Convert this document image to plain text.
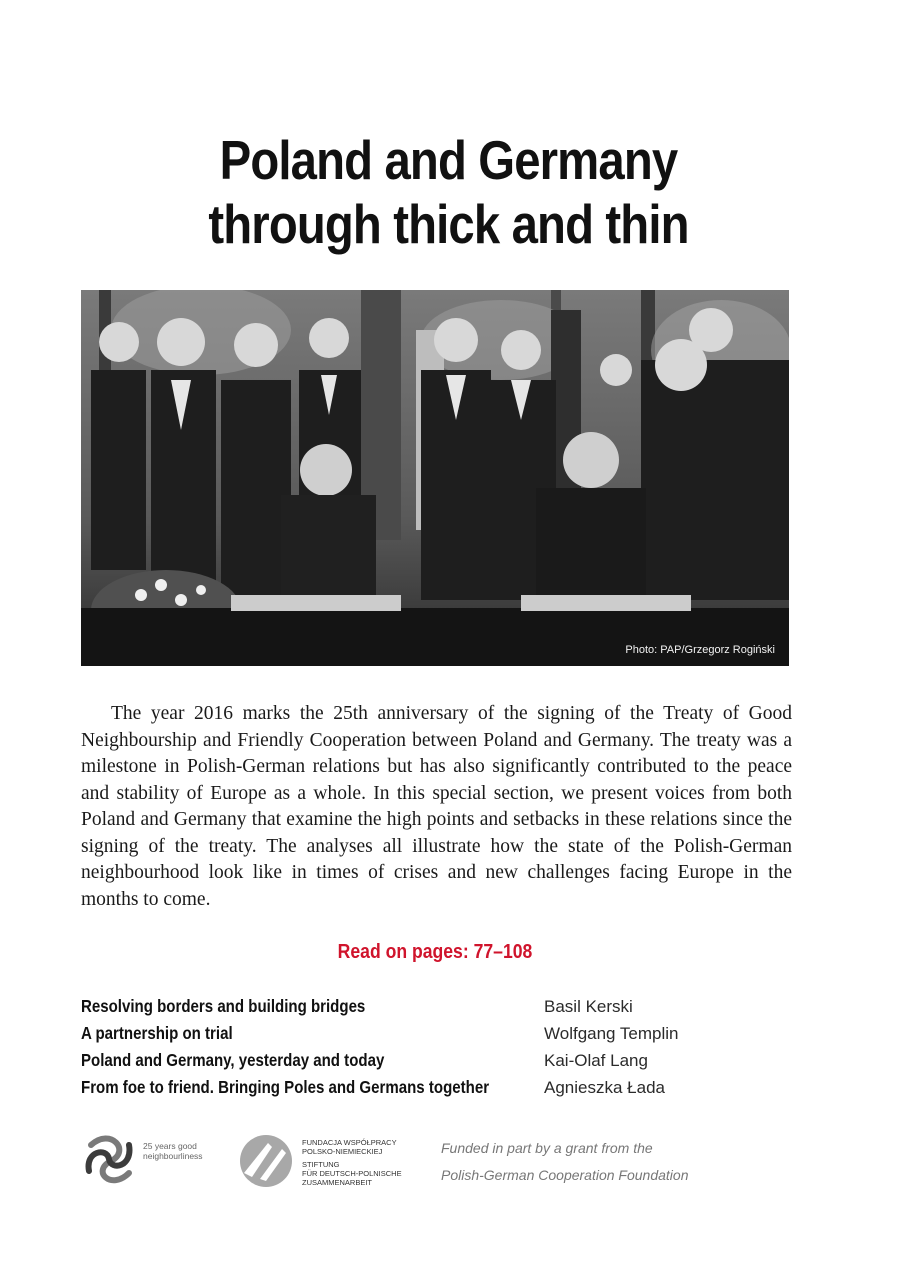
Poland and Germany
through thick and thin
Photo: PAP/Grzegorz Rogiński

The year 2016 marks the 25th anniversary of the signing of the Treaty of Good Neighbourship and Friendly Cooperation between Poland and Germany. The treaty was a milestone in Polish-German relations but has also significantly contributed to the peace and stability of Europe as a whole. In this special section, we present voices from both Poland and Germany that examine the high points and setbacks in these relations since the signing of the treaty. The analyses all illustrate how the state of the Polish-German neighbourhood look like in times of crises and new challenges facing Europe in the months to come.

Read on pages: 77–108
Resolving borders and building bridges	Basil Kerski
A partnership on trial	Wolfgang Templin
Poland and Germany, yesterday and today	Kai-Olaf Lang
From foe to friend. Bringing Poles and Germans together	Agnieszka Łada
25 years good
neighbourliness
FUNDACJA WSPÓŁPRACY
POLSKO-NIEMIECKIEJ
STIFTUNG
FÜR DEUTSCH-POLNISCHE
ZUSAMMENARBEIT
Funded in part by a grant from the
Polish-German Cooperation Foundation
